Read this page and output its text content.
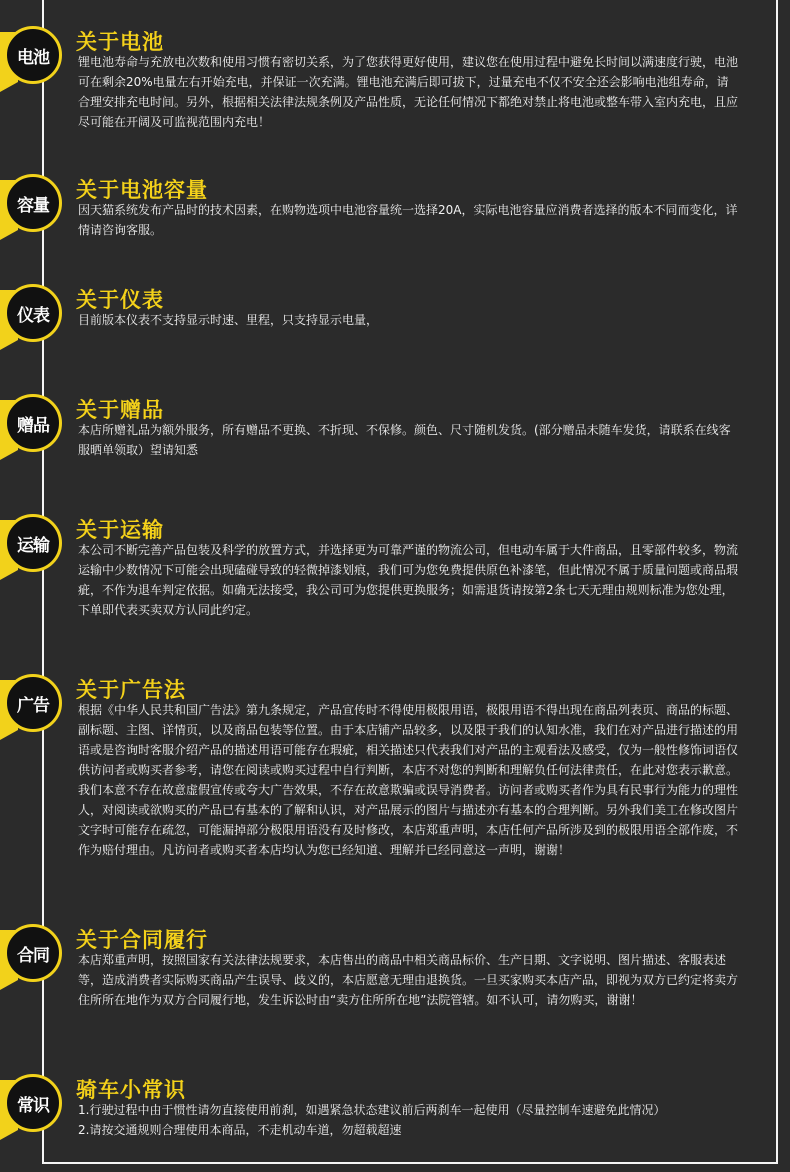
电池
关于电池

锂电池寿命与充放电次数和使用习惯有密切关系，为了您获得更好使用，建议您在使用过程中避免长时间以满速度行驶，电池可在剩余20%电量左右开始充电，并保证一次充满。锂电池充满后即可拔下，过量充电不仅不安全还会影响电池组寿命，请合理安排充电时间。另外，根据相关法律法规条例及产品性质，无论任何情况下都绝对禁止将电池或整车带入室内充电，且应尽可能在开阔及可监视范围内充电！

容量
关于电池容量

因天猫系统发布产品时的技术因素，在购物选项中电池容量统一选择20A，实际电池容量应消费者选择的版本不同而变化，详情请咨询客服。

仪表
关于仪表

目前版本仪表不支持显示时速、里程，只支持显示电量，

赠品
关于赠品

本店所赠礼品为额外服务，所有赠品不更换、不折现、不保修。颜色、尺寸随机发货。(部分赠品未随车发货，请联系在线客服晒单领取）望请知悉

运输
关于运输

本公司不断完善产品包装及科学的放置方式，并选择更为可靠严谨的物流公司，但电动车属于大件商品，且零部件较多，物流运输中少数情况下可能会出现磕碰导致的轻微掉漆划痕，我们可为您免费提供原色补漆笔，但此情况不属于质量问题或商品瑕疵，不作为退车判定依据。如确无法接受，我公司可为您提供更换服务；如需退货请按第2条七天无理由规则标准为您处理，下单即代表买卖双方认同此约定。

广告
关于广告法

根据《中华人民共和国广告法》第九条规定，产品宣传时不得使用极限用语，极限用语不得出现在商品列表页、商品的标题、副标题、主图、详情页，以及商品包装等位置。由于本店铺产品较多，以及限于我们的认知水准，我们在对产品进行描述的用语或是咨询时客服介绍产品的描述用语可能存在瑕疵，相关描述只代表我们对产品的主观看法及感受，仅为一般性修饰词语仅供访问者或购买者参考，请您在阅读或购买过程中自行判断，本店不对您的判断和理解负任何法律责任，在此对您表示歉意。我们本意不存在故意虚假宣传或夸大广告效果，不存在故意欺骗或误导消费者。访问者或购买者作为具有民事行为能力的理性人，对阅读或欲购买的产品已有基本的了解和认识，对产品展示的图片与描述亦有基本的合理判断。另外我们美工在修改图片文字时可能存在疏忽，可能漏掉部分极限用语没有及时修改，本店郑重声明，本店任何产品所涉及到的极限用语全部作废，不作为赔付理由。凡访问者或购买者本店均认为您已经知道、理解并已经同意这一声明，谢谢！

合同
关于合同履行

本店郑重声明，按照国家有关法律法规要求，本店售出的商品中相关商品标价、生产日期、文字说明、图片描述、客服表述等，造成消费者实际购买商品产生误导、歧义的，本店愿意无理由退换货。一旦买家购买本店产品，即视为双方已约定将卖方住所所在地作为双方合同履行地，发生诉讼时由“卖方住所所在地”法院管辖。如不认可，请勿购买，谢谢！

常识
骑车小常识

1.行驶过程中由于惯性请勿直接使用前刹，如遇紧急状态建议前后两刹车一起使用（尽量控制车速避免此情况）

2.请按交通规则合理使用本商品，不走机动车道，勿超载超速
